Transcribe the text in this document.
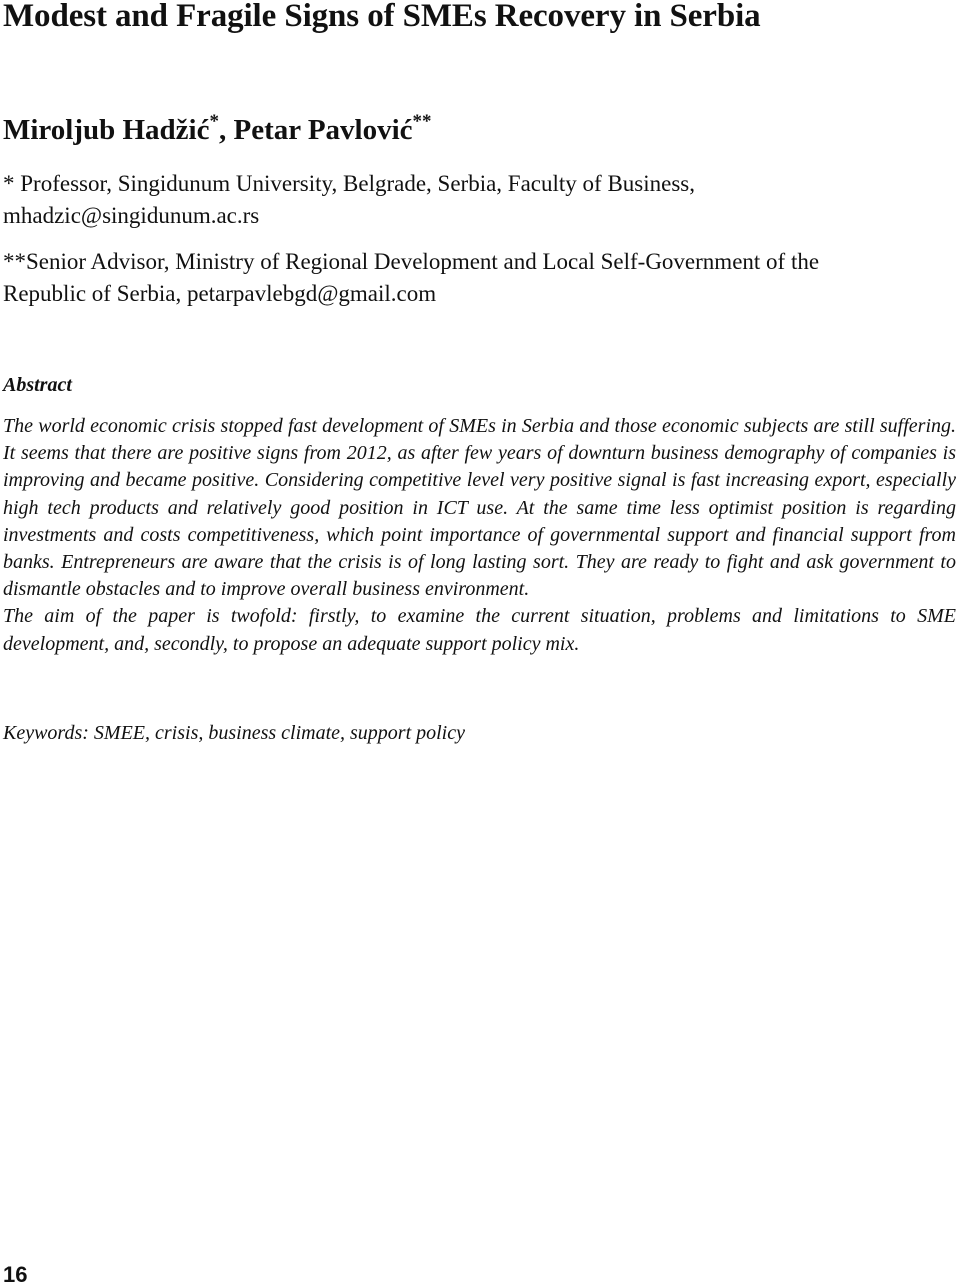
Modest and Fragile Signs of SMEs Recovery in Serbia
Miroljub Hadžić*, Petar Pavlović**
* Professor, Singidunum University, Belgrade, Serbia, Faculty of Business,
mhadzic@singidunum.ac.rs
**Senior Advisor, Ministry of Regional Development and Local Self-Government of the
Republic of Serbia, petarpavlebgd@gmail.com
Abstract

The world economic crisis stopped fast development of SMEs in Serbia and those economic subjects are still suffering. It seems that there are positive signs from 2012, as after few years of downturn business demography of companies is improving and became positive. Considering competitive level very positive signal is fast increasing export, especially high tech products and relatively good position in ICT use. At the same time less optimist position is regarding investments and costs competitiveness, which point importance of governmental support and financial support from banks. Entrepreneurs are aware that the crisis is of long lasting sort. They are ready to fight and ask government to dismantle obstacles and to improve overall business environment.

The aim of the paper is twofold: firstly, to examine the current situation, problems and limitations to SME development, and, secondly, to propose an adequate support policy mix.

Keywords: SMEE, crisis, business climate, support policy

16
